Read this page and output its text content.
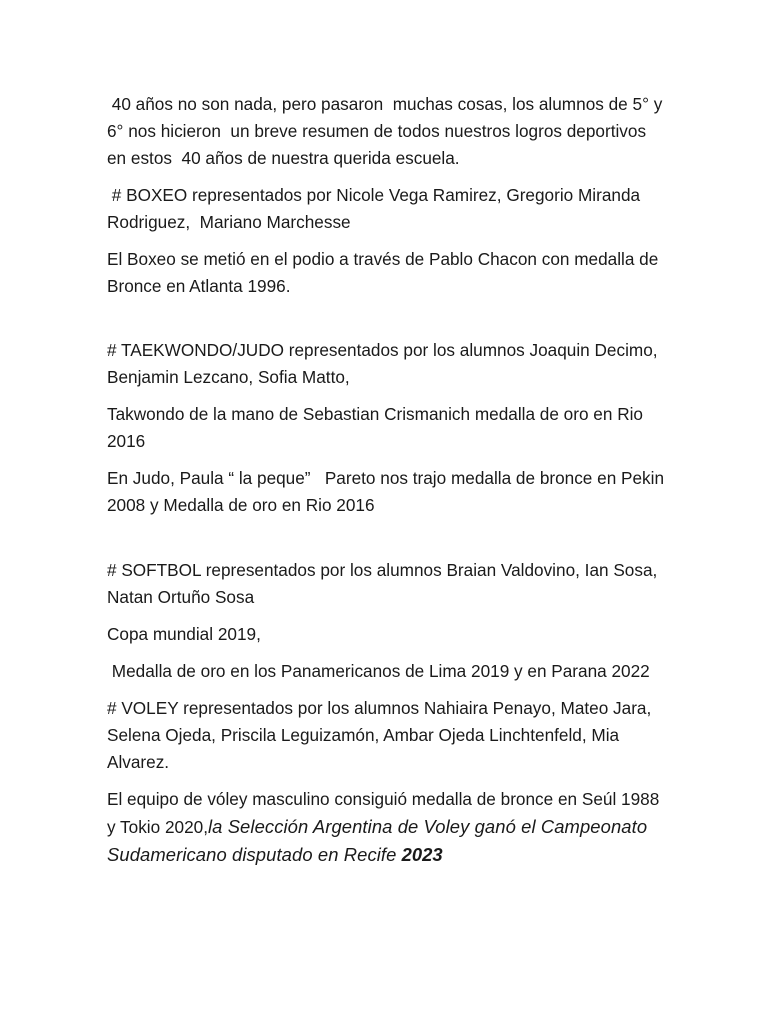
40 años no son nada, pero pasaron  muchas cosas, los alumnos de 5° y 6° nos hicieron  un breve resumen de todos nuestros logros deportivos en estos  40 años de nuestra querida escuela.

# BOXEO representados por Nicole Vega Ramirez, Gregorio Miranda Rodriguez,  Mariano Marchesse

El Boxeo se metió en el podio a través de Pablo Chacon con medalla de Bronce en Atlanta 1996.

# TAEKWONDO/JUDO representados por los alumnos Joaquin Decimo, Benjamin Lezcano, Sofia Matto,

Takwondo de la mano de Sebastian Crismanich medalla de oro en Rio 2016

En Judo, Paula “ la peque”   Pareto nos trajo medalla de bronce en Pekin 2008 y Medalla de oro en Rio 2016

# SOFTBOL representados por los alumnos Braian Valdovino, Ian Sosa, Natan Ortuño Sosa

Copa mundial 2019,

Medalla de oro en los Panamericanos de Lima 2019 y en Parana 2022

# VOLEY representados por los alumnos Nahiaira Penayo, Mateo Jara, Selena Ojeda, Priscila Leguizamón, Ambar Ojeda Linchtenfeld, Mia Alvarez.

El equipo de vóley masculino consiguió medalla de bronce en Seúl 1988 y Tokio 2020,la Selección Argentina de Voley ganó el Campeonato Sudamericano disputado en Recife 2023
